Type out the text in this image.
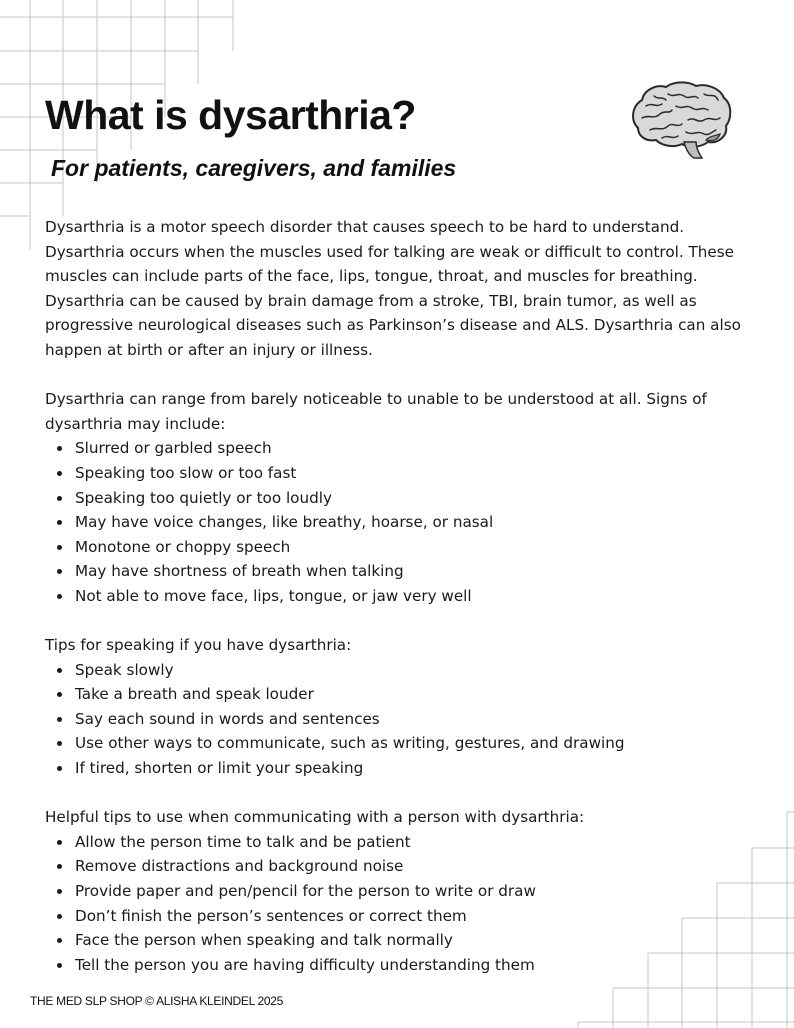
What is dysarthria?
For patients, caregivers, and families

Dysarthria is a motor speech disorder that causes speech to be hard to understand. Dysarthria occurs when the muscles used for talking are weak or difficult to control. These muscles can include parts of the face, lips, tongue, throat, and muscles for breathing. Dysarthria can be caused by brain damage from a stroke, TBI, brain tumor, as well as progressive neurological diseases such as Parkinson’s disease and ALS. Dysarthria can also happen at birth or after an injury or illness.

Dysarthria can range from barely noticeable to unable to be understood at all. Signs of dysarthria may include:

Slurred or garbled speech
Speaking too slow or too fast
Speaking too quietly or too loudly
May have voice changes, like breathy, hoarse, or nasal
Monotone or choppy speech
May have shortness of breath when talking
Not able to move face, lips, tongue, or jaw very well

Tips for speaking if you have dysarthria:

Speak slowly
Take a breath and speak louder
Say each sound in words and sentences
Use other ways to communicate, such as writing, gestures, and drawing
If tired, shorten or limit your speaking

Helpful tips to use when communicating with a person with dysarthria:

Allow the person time to talk and be patient
Remove distractions and background noise
Provide paper and pen/pencil for the person to write or draw
Don’t finish the person’s sentences or correct them
Face the person when speaking and talk normally
Tell the person you are having difficulty understanding them

THE MED SLP SHOP © ALISHA KLEINDEL 2025
